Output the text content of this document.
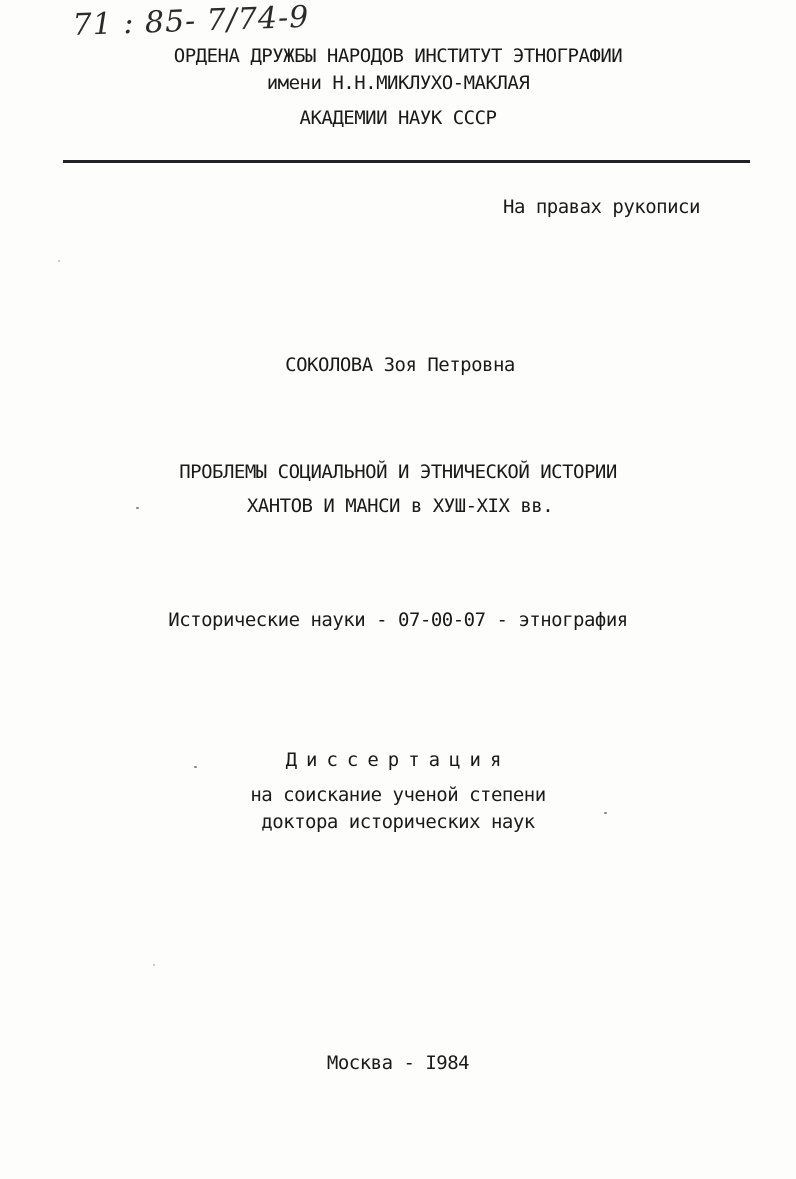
71 : 85- 7/74-9
ОРДЕНА ДРУЖБЫ НАРОДОВ ИНСТИТУТ ЭТНОГРАФИИ
имени Н.Н.МИКЛУХО-МАКЛАЯ
АКАДЕМИИ НАУК СССР
На правах рукописи
СОКОЛОВА Зоя Петровна
ПРОБЛЕМЫ СОЦИАЛЬНОЙ И ЭТНИЧЕСКОЙ ИСТОРИИ
ХАНТОВ И МАНСИ в ХУШ-XIX вв.
Исторические науки - 07-00-07 - этнография
Диссертация
на соискание ученой степени
доктора исторических наук
Москва - I984
